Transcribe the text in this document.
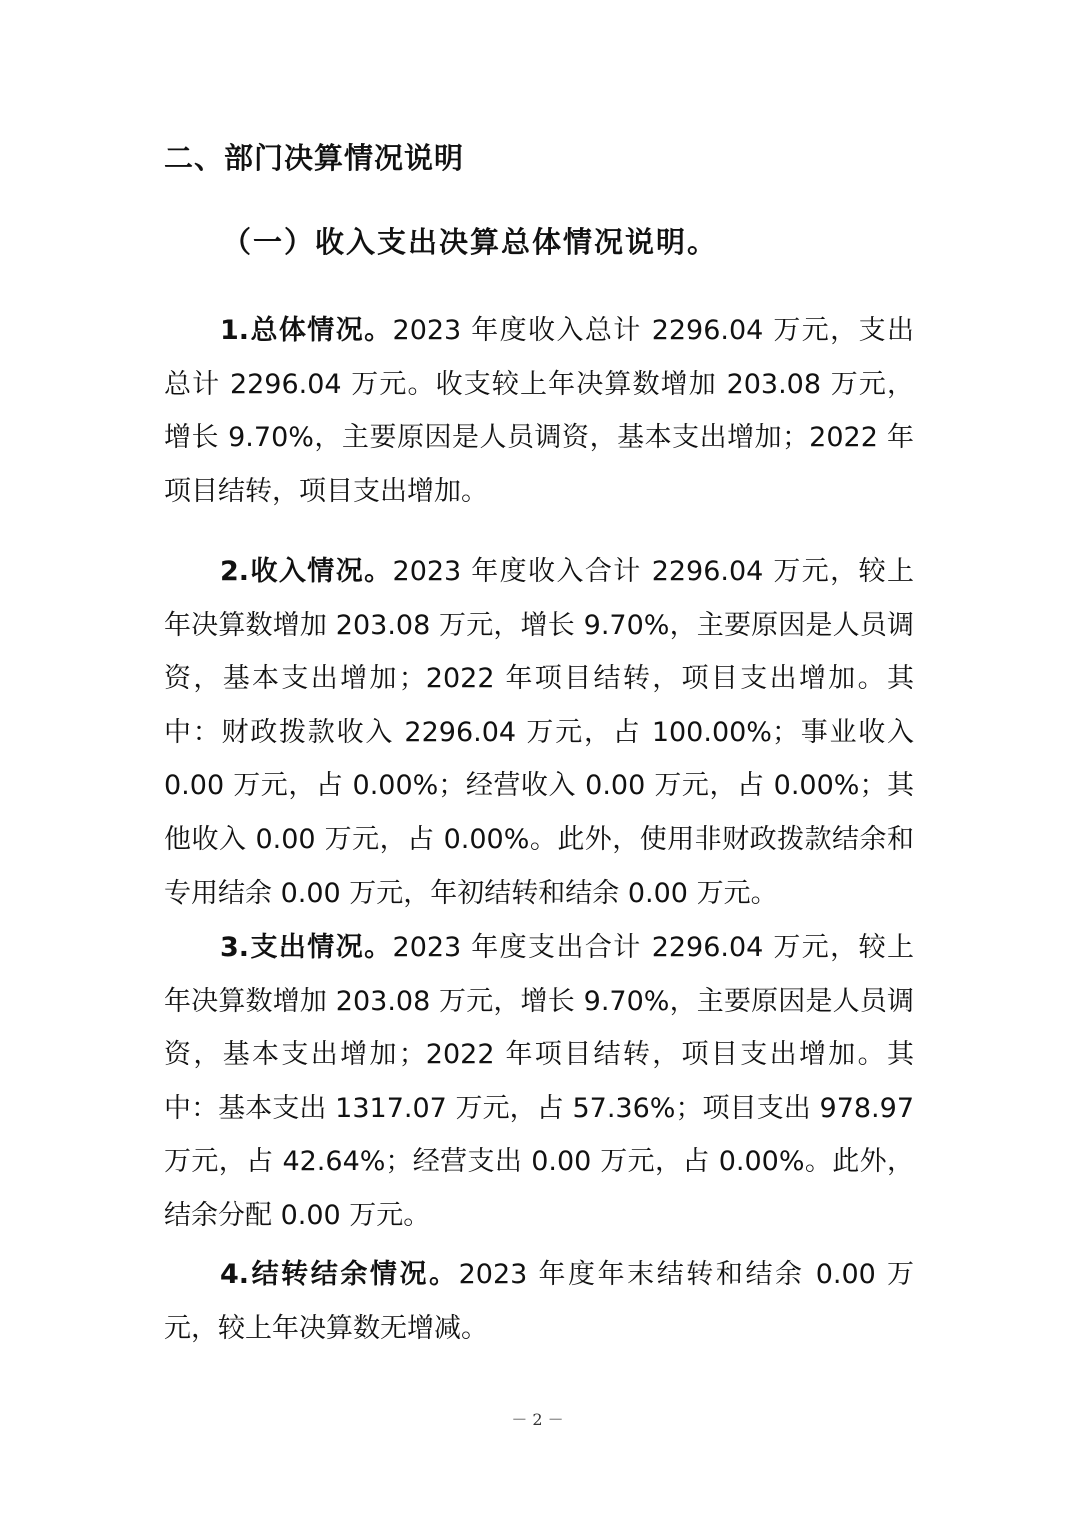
二、部门决算情况说明
（一）收入支出决算总体情况说明。

1.总体情况。2023 年度收入总计 2296.04 万元，支出总计 2296.04 万元。收支较上年决算数增加 203.08 万元，增长 9.70%，主要原因是人员调资，基本支出增加；2022 年项目结转，项目支出增加。

2.收入情况。2023 年度收入合计 2296.04 万元，较上年决算数增加 203.08 万元，增长 9.70%，主要原因是人员调资，基本支出增加；2022 年项目结转，项目支出增加。其中：财政拨款收入 2296.04 万元，占 100.00%；事业收入 0.00 万元，占 0.00%；经营收入 0.00 万元，占 0.00%；其他收入 0.00 万元，占 0.00%。此外，使用非财政拨款结余和专用结余 0.00 万元，年初结转和结余 0.00 万元。

3.支出情况。2023 年度支出合计 2296.04 万元，较上年决算数增加 203.08 万元，增长 9.70%，主要原因是人员调资，基本支出增加；2022 年项目结转，项目支出增加。其中：基本支出 1317.07 万元，占 57.36%；项目支出 978.97 万元，占 42.64%；经营支出 0.00 万元，占 0.00%。此外，结余分配 0.00 万元。

4.结转结余情况。2023 年度年末结转和结余 0.00 万元，较上年决算数无增减。

－ 2 －
